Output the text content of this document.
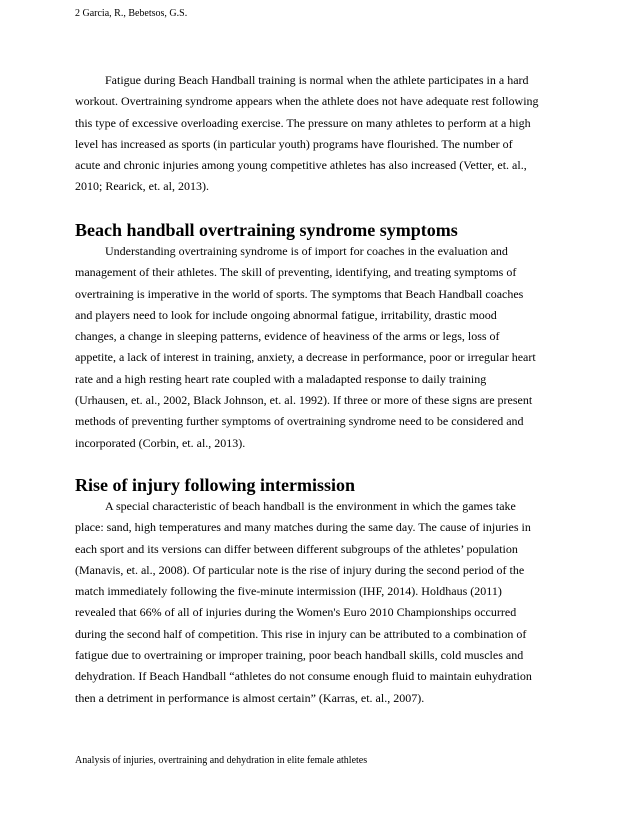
2 Garcia, R., Bebetsos, G.S.
Fatigue during Beach Handball training is normal when the athlete participates in a hard
workout. Overtraining syndrome appears when the athlete does not have adequate rest following
this type of excessive overloading exercise. The pressure on many athletes to perform at a high
level has increased as sports (in particular youth) programs have flourished. The number of
acute and chronic injuries among young competitive athletes has also increased (Vetter, et. al.,
2010; Rearick, et. al, 2013).
Beach handball overtraining syndrome symptoms
Understanding overtraining syndrome is of import for coaches in the evaluation and
management of their athletes. The skill of preventing, identifying, and treating symptoms of
overtraining is imperative in the world of sports. The symptoms that Beach Handball coaches
and players need to look for include ongoing abnormal fatigue, irritability, drastic mood
changes, a change in sleeping patterns, evidence of heaviness of the arms or legs, loss of
appetite, a lack of interest in training, anxiety, a decrease in performance, poor or irregular heart
rate and a high resting heart rate coupled with a maladapted response to daily training
(Urhausen, et. al., 2002, Black Johnson, et. al. 1992). If three or more of these signs are present
methods of preventing further symptoms of overtraining syndrome need to be considered and
incorporated (Corbin, et. al., 2013).
Rise of injury following intermission
A special characteristic of beach handball is the environment in which the games take
place: sand, high temperatures and many matches during the same day. The cause of injuries in
each sport and its versions can differ between different subgroups of the athletes’ population
(Manavis, et. al., 2008). Of particular note is the rise of injury during the second period of the
match immediately following the five-minute intermission (IHF, 2014). Holdhaus (2011)
revealed that 66% of all of injuries during the Women's Euro 2010 Championships occurred
during the second half of competition. This rise in injury can be attributed to a combination of
fatigue due to overtraining or improper training, poor beach handball skills, cold muscles and
dehydration. If Beach Handball “athletes do not consume enough fluid to maintain euhydration
then a detriment in performance is almost certain” (Karras, et. al., 2007).
Analysis of injuries, overtraining and dehydration in elite female athletes
